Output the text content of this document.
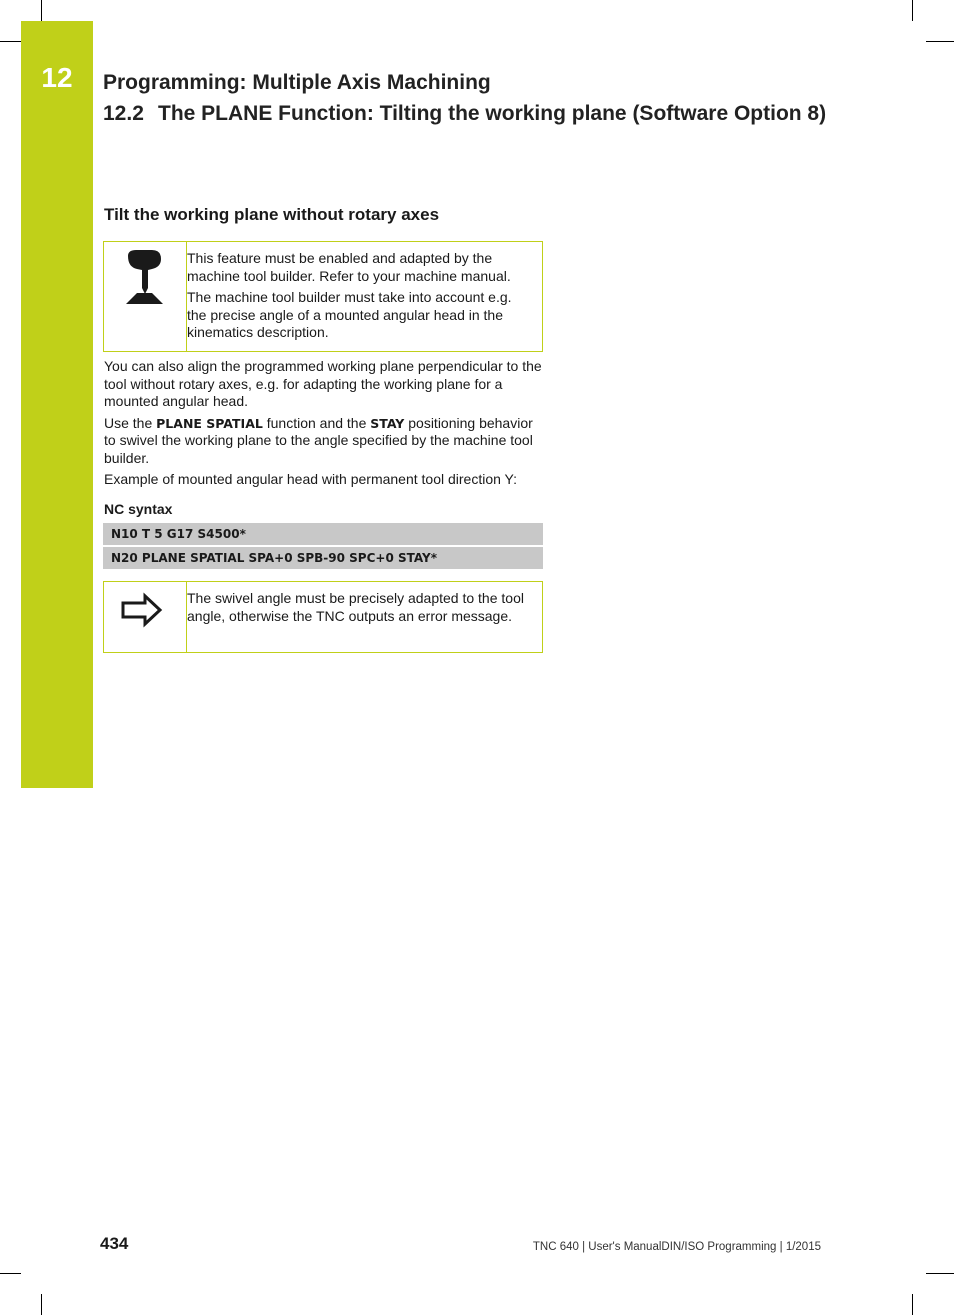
12	Programming: Multiple Axis Machining
12.2 The PLANE Function: Tilting the working plane (Software Option 8)
Tilt the working plane without rotary axes

This feature must be enabled and adapted by the machine tool builder. Refer to your machine manual.

The machine tool builder must take into account e.g. the precise angle of a mounted angular head in the kinematics description.

You can also align the programmed working plane perpendicular to the tool without rotary axes, e.g. for adapting the working plane for a mounted angular head.

Use the PLANE SPATIAL function and the STAY positioning behavior to swivel the working plane to the angle specified by the machine tool builder.

Example of mounted angular head with permanent tool direction Y:

NC syntax
N10 T 5 G17 S4500*
N20 PLANE SPATIAL SPA+0 SPB-90 SPC+0 STAY*

The swivel angle must be precisely adapted to the tool angle, otherwise the TNC outputs an error message.

434	TNC 640 | User's ManualDIN/ISO Programming | 1/2015
